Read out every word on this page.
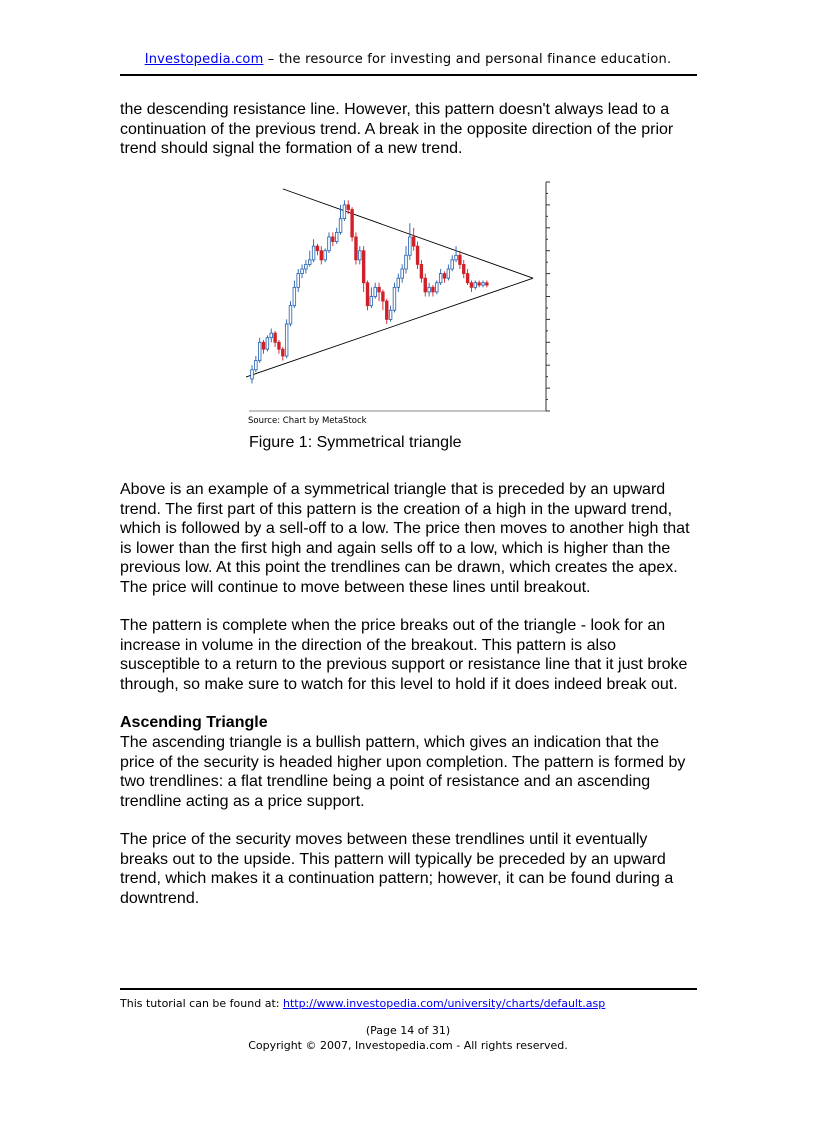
Investopedia.com – the resource for investing and personal finance education.

the descending resistance line. However, this pattern doesn't always lead to a continuation of the previous trend. A break in the opposite direction of the prior trend should signal the formation of a new trend.

Source: Chart by MetaStock
Figure 1: Symmetrical triangle

Above is an example of a symmetrical triangle that is preceded by an upward trend. The first part of this pattern is the creation of a high in the upward trend, which is followed by a sell-off to a low. The price then moves to another high that is lower than the first high and again sells off to a low, which is higher than the previous low. At this point the trendlines can be drawn, which creates the apex. The price will continue to move between these lines until breakout.

The pattern is complete when the price breaks out of the triangle - look for an increase in volume in the direction of the breakout. This pattern is also susceptible to a return to the previous support or resistance line that it just broke through, so make sure to watch for this level to hold if it does indeed break out.

Ascending Triangle

The ascending triangle is a bullish pattern, which gives an indication that the price of the security is headed higher upon completion. The pattern is formed by two trendlines: a flat trendline being a point of resistance and an ascending trendline acting as a price support.

The price of the security moves between these trendlines until it eventually breaks out to the upside. This pattern will typically be preceded by an upward trend, which makes it a continuation pattern; however, it can be found during a downtrend.

This tutorial can be found at: http://www.investopedia.com/university/charts/default.asp
(Page 14 of 31)
Copyright © 2007, Investopedia.com - All rights reserved.
